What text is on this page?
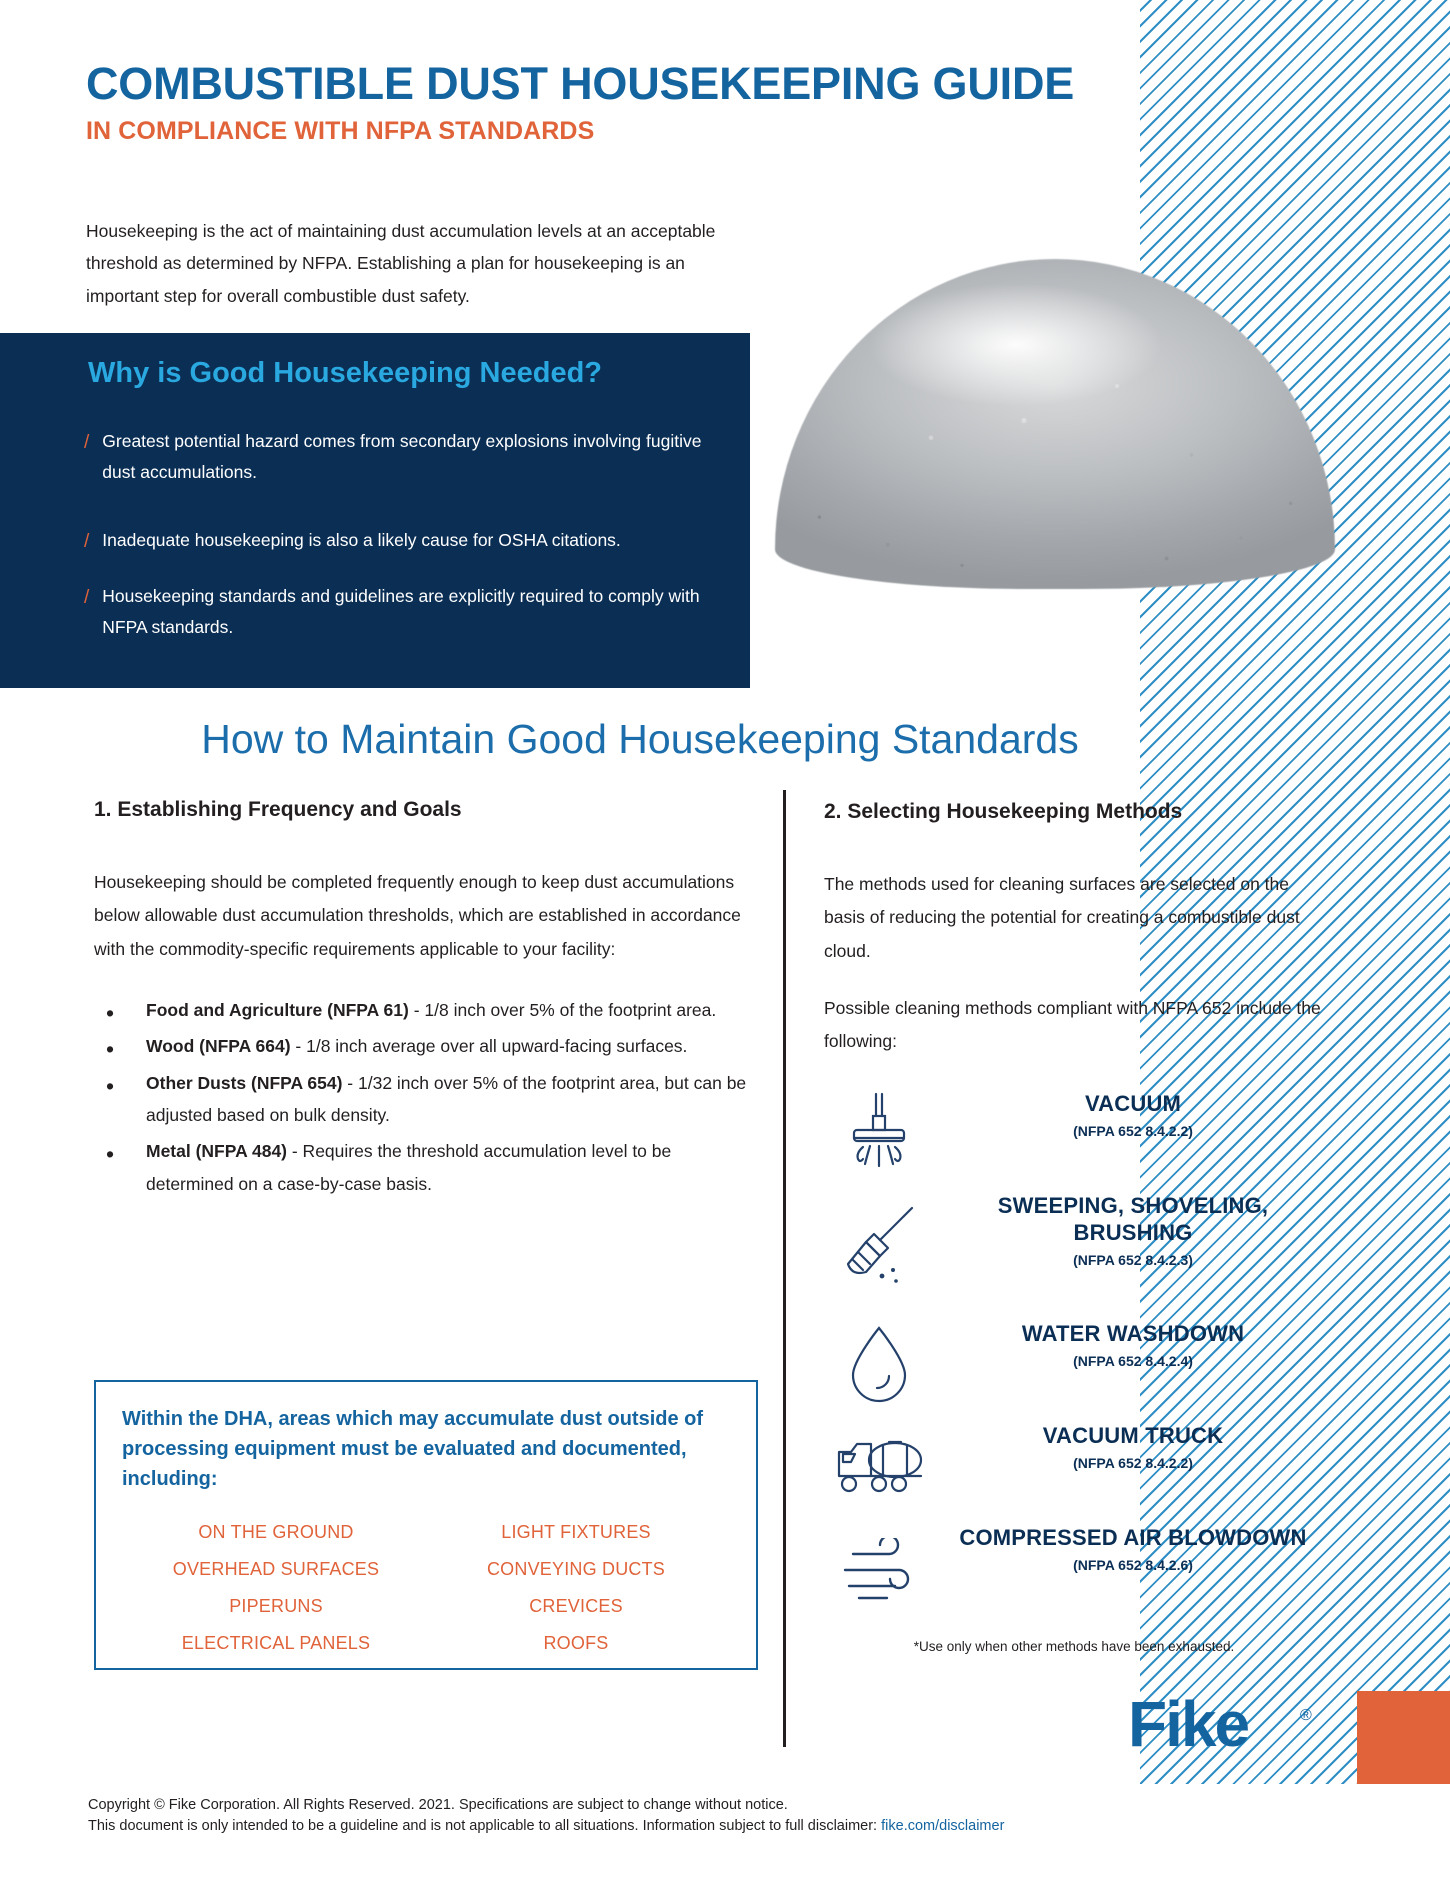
COMBUSTIBLE DUST HOUSEKEEPING GUIDE
IN COMPLIANCE WITH NFPA STANDARDS
Housekeeping is the act of maintaining dust accumulation levels at an acceptable threshold as determined by NFPA. Establishing a plan for housekeeping is an important step for overall combustible dust safety.
Why is Good Housekeeping Needed?
/ Greatest potential hazard comes from secondary explosions involving fugitive dust accumulations.
/ Inadequate housekeeping is also a likely cause for OSHA citations.
/ Housekeeping standards and guidelines are explicitly required to comply with NFPA standards.
How to Maintain Good Housekeeping Standards
1. Establishing Frequency and Goals

Housekeeping should be completed frequently enough to keep dust accumulations below allowable dust accumulation thresholds, which are established in accordance with the commodity-specific requirements applicable to your facility:

• Food and Agriculture (NFPA 61) - 1/8 inch over 5% of the footprint area.
• Wood (NFPA 664) - 1/8 inch average over all upward-facing surfaces.
• Other Dusts (NFPA 654) - 1/32 inch over 5% of the footprint area, but can be adjusted based on bulk density.
• Metal (NFPA 484) - Requires the threshold accumulation level to be determined on a case-by-case basis.
Within the DHA, areas which may accumulate dust outside of processing equipment must be evaluated and documented, including:
ON THE GROUND	LIGHT FIXTURES
OVERHEAD SURFACES	CONVEYING DUCTS
PIPERUNS	CREVICES
ELECTRICAL PANELS	ROOFS
2. Selecting Housekeeping Methods

The methods used for cleaning surfaces are selected on the basis of reducing the potential for creating a combustible dust cloud.

Possible cleaning methods compliant with NFPA 652 include the following:

VACUUM
(NFPA 652 8.4.2.2)
SWEEPING, SHOVELING, BRUSHING
(NFPA 652 8.4.2.3)
WATER WASHDOWN
(NFPA 652 8.4.2.4)
VACUUM TRUCK
(NFPA 652 8.4.2.2)
COMPRESSED AIR BLOWDOWN
(NFPA 652 8.4.2.6)
*Use only when other methods have been exhausted.
Fike	®
Copyright © Fike Corporation. All Rights Reserved. 2021. Specifications are subject to change without notice.
This document is only intended to be a guideline and is not applicable to all situations. Information subject to full disclaimer: fike.com/disclaimer
